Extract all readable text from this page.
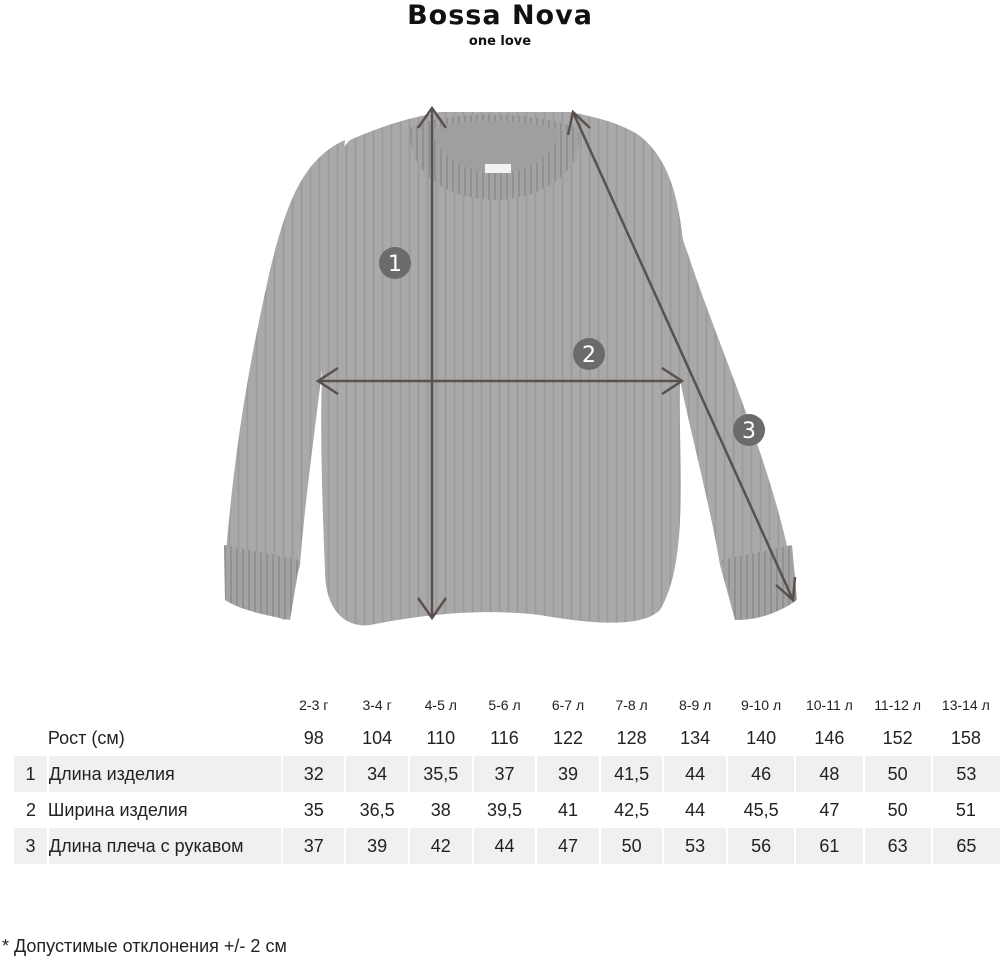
Bossa Nova
one love
1
2
3
		2-3 г	3-4 г	4-5 л	5-6 л	6-7 л	7-8 л	8-9 л	9-10 л	10-11 л	11-12 л	13-14 л
	Рост (см)	98	104	110	116	122	128	134	140	146	152	158
1	Длина изделия	32	34	35,5	37	39	41,5	44	46	48	50	53
2	Ширина изделия	35	36,5	38	39,5	41	42,5	44	45,5	47	50	51
3	Длина плеча с рукавом	37	39	42	44	47	50	53	56	61	63	65
* Допустимые отклонения +/- 2 см
